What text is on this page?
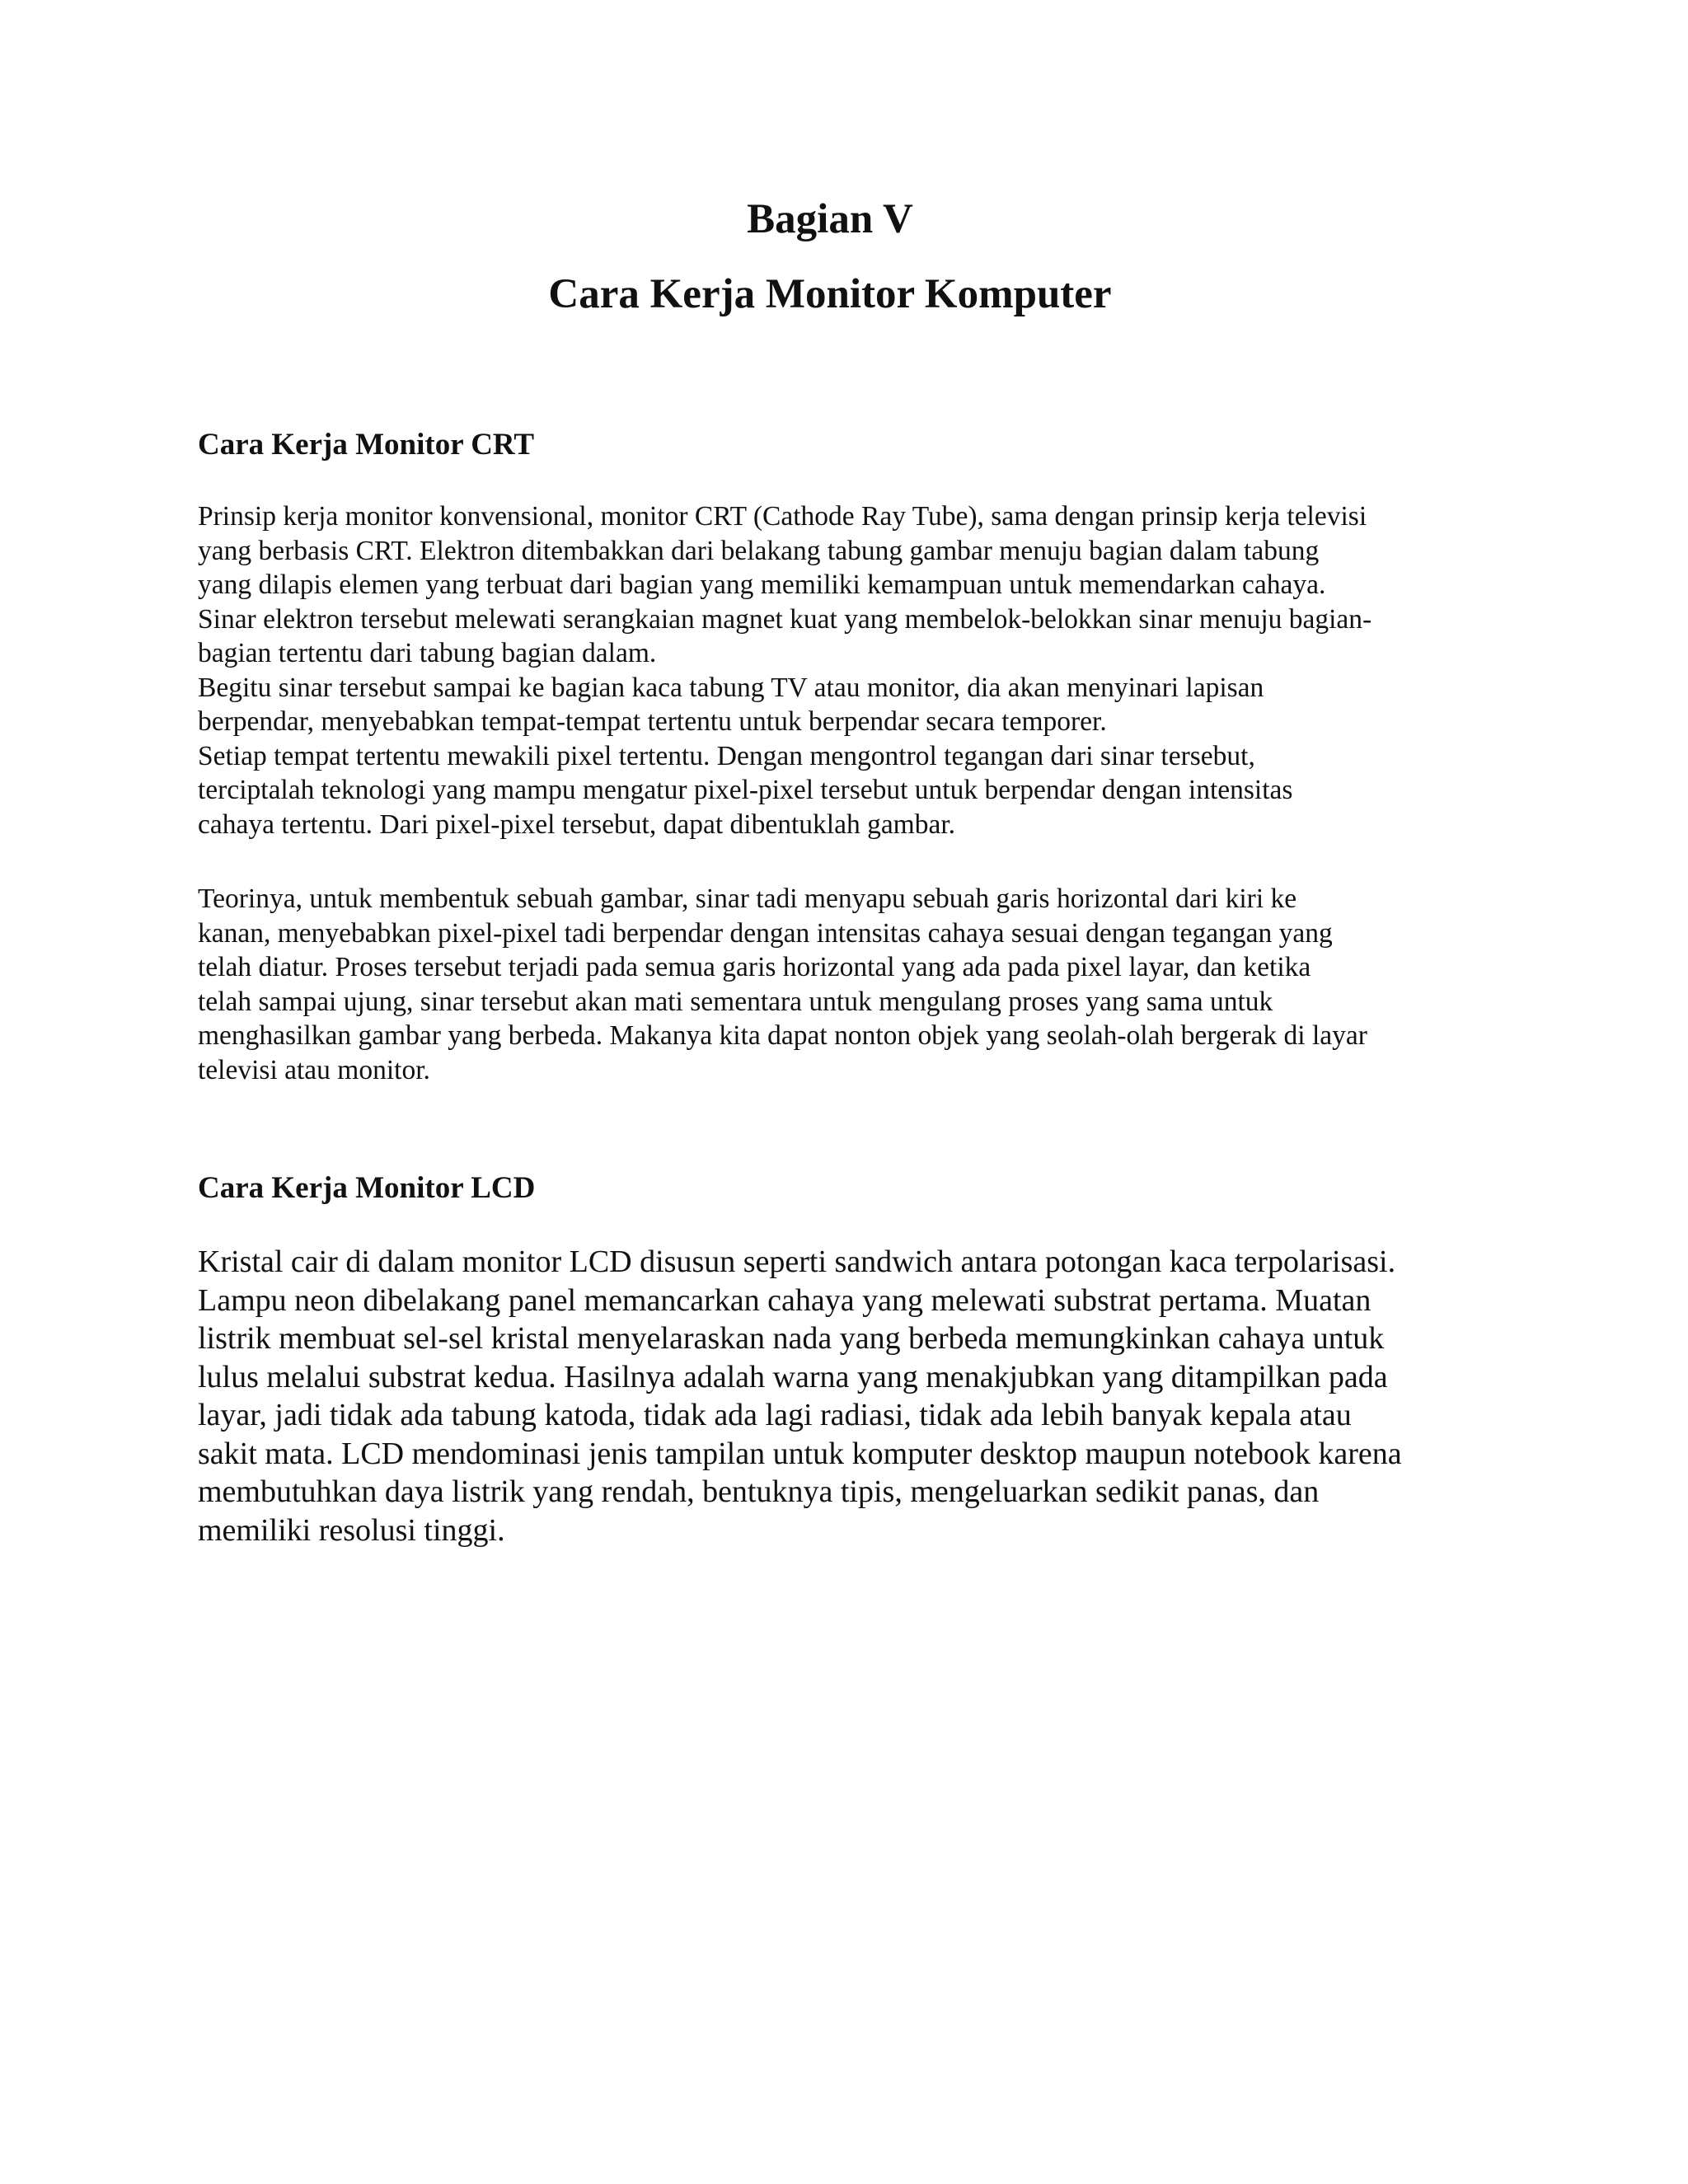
Bagian V
Cara Kerja Monitor Komputer
Cara Kerja Monitor CRT

Prinsip kerja monitor konvensional, monitor CRT (Cathode Ray Tube), sama dengan prinsip kerja televisi

yang berbasis CRT. Elektron ditembakkan dari belakang tabung gambar menuju bagian dalam tabung

yang dilapis elemen yang terbuat dari bagian yang memiliki kemampuan untuk memendarkan cahaya.

Sinar elektron tersebut melewati serangkaian magnet kuat yang membelok-belokkan sinar menuju bagian-

bagian tertentu dari tabung bagian dalam.

Begitu sinar tersebut sampai ke bagian kaca tabung TV atau monitor, dia akan menyinari lapisan

berpendar, menyebabkan tempat-tempat tertentu untuk berpendar secara temporer.

Setiap tempat tertentu mewakili pixel tertentu. Dengan mengontrol tegangan dari sinar tersebut,

terciptalah teknologi yang mampu mengatur pixel-pixel tersebut untuk berpendar dengan intensitas

cahaya tertentu. Dari pixel-pixel tersebut, dapat dibentuklah gambar.

Teorinya, untuk membentuk sebuah gambar, sinar tadi menyapu sebuah garis horizontal dari kiri ke

kanan, menyebabkan pixel-pixel tadi berpendar dengan intensitas cahaya sesuai dengan tegangan yang

telah diatur. Proses tersebut terjadi pada semua garis horizontal yang ada pada pixel layar, dan ketika

telah sampai ujung, sinar tersebut akan mati sementara untuk mengulang proses yang sama untuk

menghasilkan gambar yang berbeda. Makanya kita dapat nonton objek yang seolah-olah bergerak di layar

televisi atau monitor.

Cara Kerja Monitor LCD

Kristal cair di dalam monitor LCD disusun seperti sandwich antara potongan kaca terpolarisasi.

Lampu neon dibelakang panel memancarkan cahaya yang melewati substrat pertama. Muatan

listrik membuat sel-sel kristal menyelaraskan nada yang berbeda memungkinkan cahaya untuk

lulus melalui substrat kedua. Hasilnya adalah warna yang menakjubkan yang ditampilkan pada

layar, jadi tidak ada tabung katoda, tidak ada lagi radiasi, tidak ada lebih banyak kepala atau

sakit mata. LCD mendominasi jenis tampilan untuk komputer desktop maupun notebook karena

membutuhkan daya listrik yang rendah, bentuknya tipis, mengeluarkan sedikit panas, dan

memiliki resolusi tinggi.
